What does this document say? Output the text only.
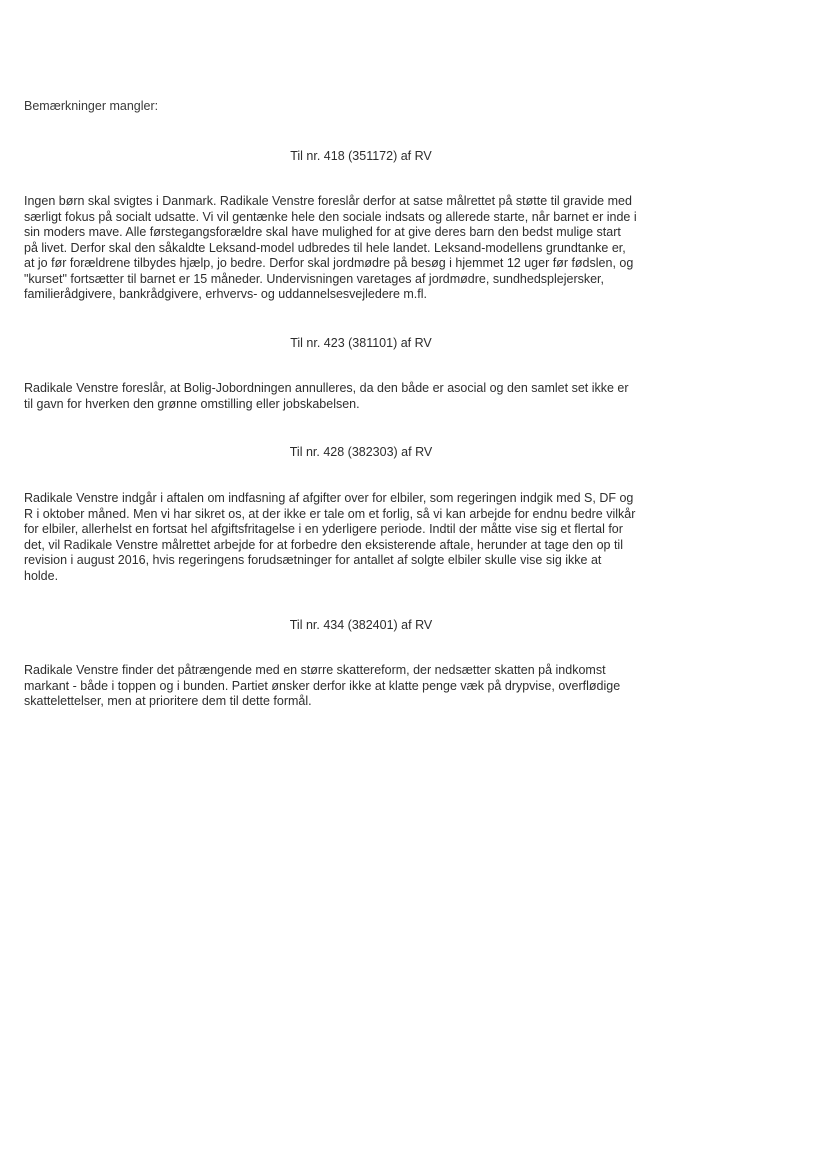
Bemærkninger mangler:
Til nr. 418 (351172) af RV
Ingen børn skal svigtes i Danmark. Radikale Venstre foreslår derfor at satse målrettet på støtte til gravide med
særligt fokus på socialt udsatte. Vi vil gentænke hele den sociale indsats og allerede starte, når barnet er inde i
sin moders mave. Alle førstegangsforældre skal have mulighed for at give deres barn den bedst mulige start
på livet. Derfor skal den såkaldte Leksand-model udbredes til hele landet. Leksand-modellens grundtanke er,
at jo før forældrene tilbydes hjælp, jo bedre. Derfor skal jordmødre på besøg i hjemmet 12 uger før fødslen, og
"kurset" fortsætter til barnet er 15 måneder. Undervisningen varetages af jordmødre, sundhedsplejersker,
familierådgivere, bankrådgivere, erhvervs- og uddannelsesvejledere m.fl.
Til nr. 423 (381101) af RV
Radikale Venstre foreslår, at Bolig-Jobordningen annulleres, da den både er asocial og den samlet set ikke er
til gavn for hverken den grønne omstilling eller jobskabelsen.
Til nr. 428 (382303) af RV
Radikale Venstre indgår i aftalen om indfasning af afgifter over for elbiler, som regeringen indgik med S, DF og
R i oktober måned. Men vi har sikret os, at der ikke er tale om et forlig, så vi kan arbejde for endnu bedre vilkår
for elbiler, allerhelst en fortsat hel afgiftsfritagelse i en yderligere periode. Indtil der måtte vise sig et flertal for
det, vil Radikale Venstre målrettet arbejde for at forbedre den eksisterende aftale, herunder at tage den op til
revision i august 2016, hvis regeringens forudsætninger for antallet af solgte elbiler skulle vise sig ikke at
holde.
Til nr. 434 (382401) af RV
Radikale Venstre finder det påtrængende med en større skattereform, der nedsætter skatten på indkomst
markant - både i toppen og i bunden. Partiet ønsker derfor ikke at klatte penge væk på drypvise, overflødige
skattelettelser, men at prioritere dem til dette formål.
